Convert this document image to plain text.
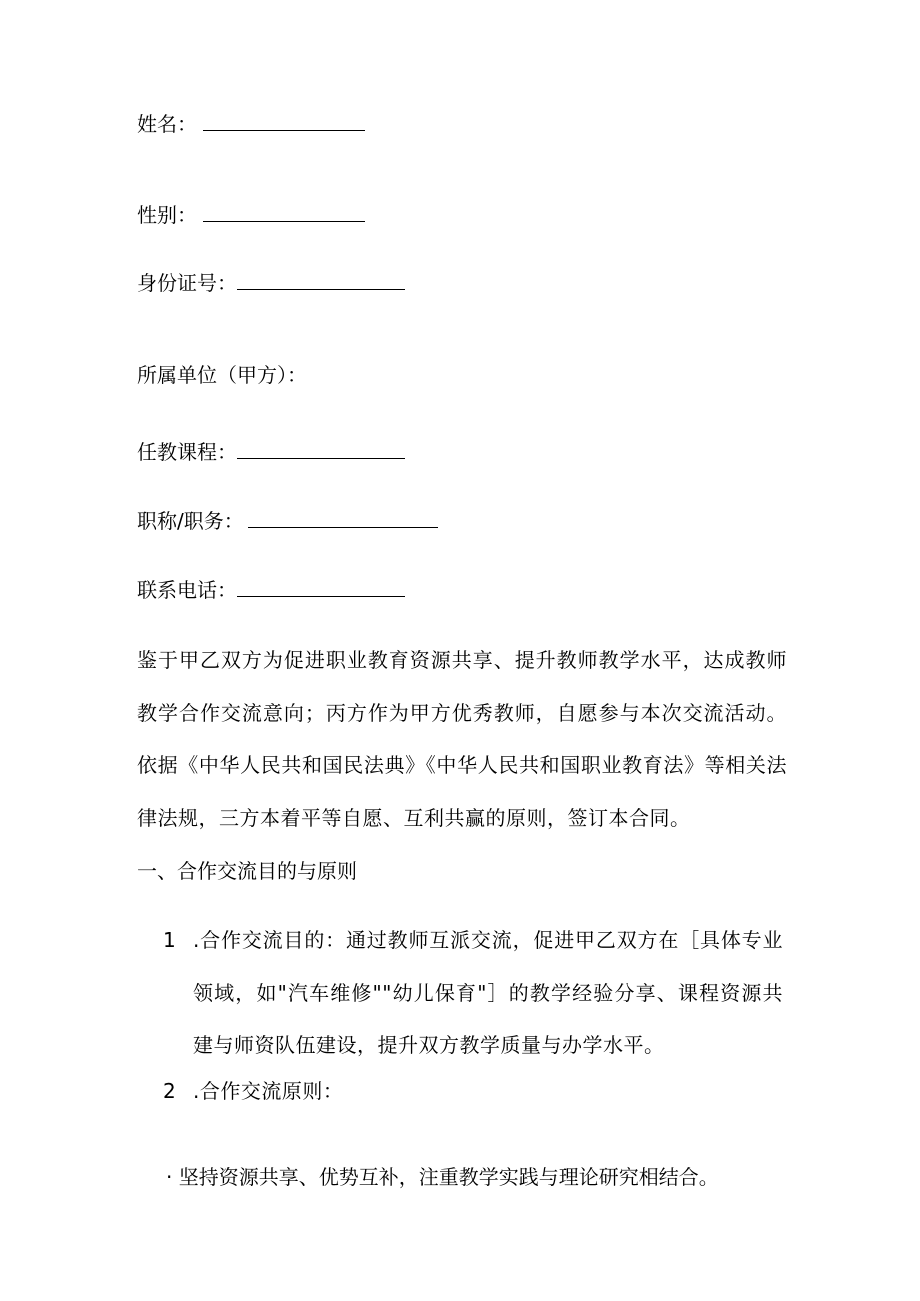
姓名：
性别：
身份证号：
所属单位（甲方）：
任教课程：
职称/职务：
联系电话：
鉴于甲乙双方为促进职业教育资源共享、提升教师教学水平，达成教师教学合作交流意向；丙方作为甲方优秀教师，自愿参与本次交流活动。依据《中华人民共和国民法典》《中华人民共和国职业教育法》等相关法律法规，三方本着平等自愿、互利共赢的原则，签订本合同。
一、合作交流目的与原则
1 .合作交流目的：通过教师互派交流，促进甲乙双方在［具体专业领域，如"汽车维修""幼儿保育"］的教学经验分享、课程资源共建与师资队伍建设，提升双方教学质量与办学水平。
2 .合作交流原则：
· 坚持资源共享、优势互补，注重教学实践与理论研究相结合。
